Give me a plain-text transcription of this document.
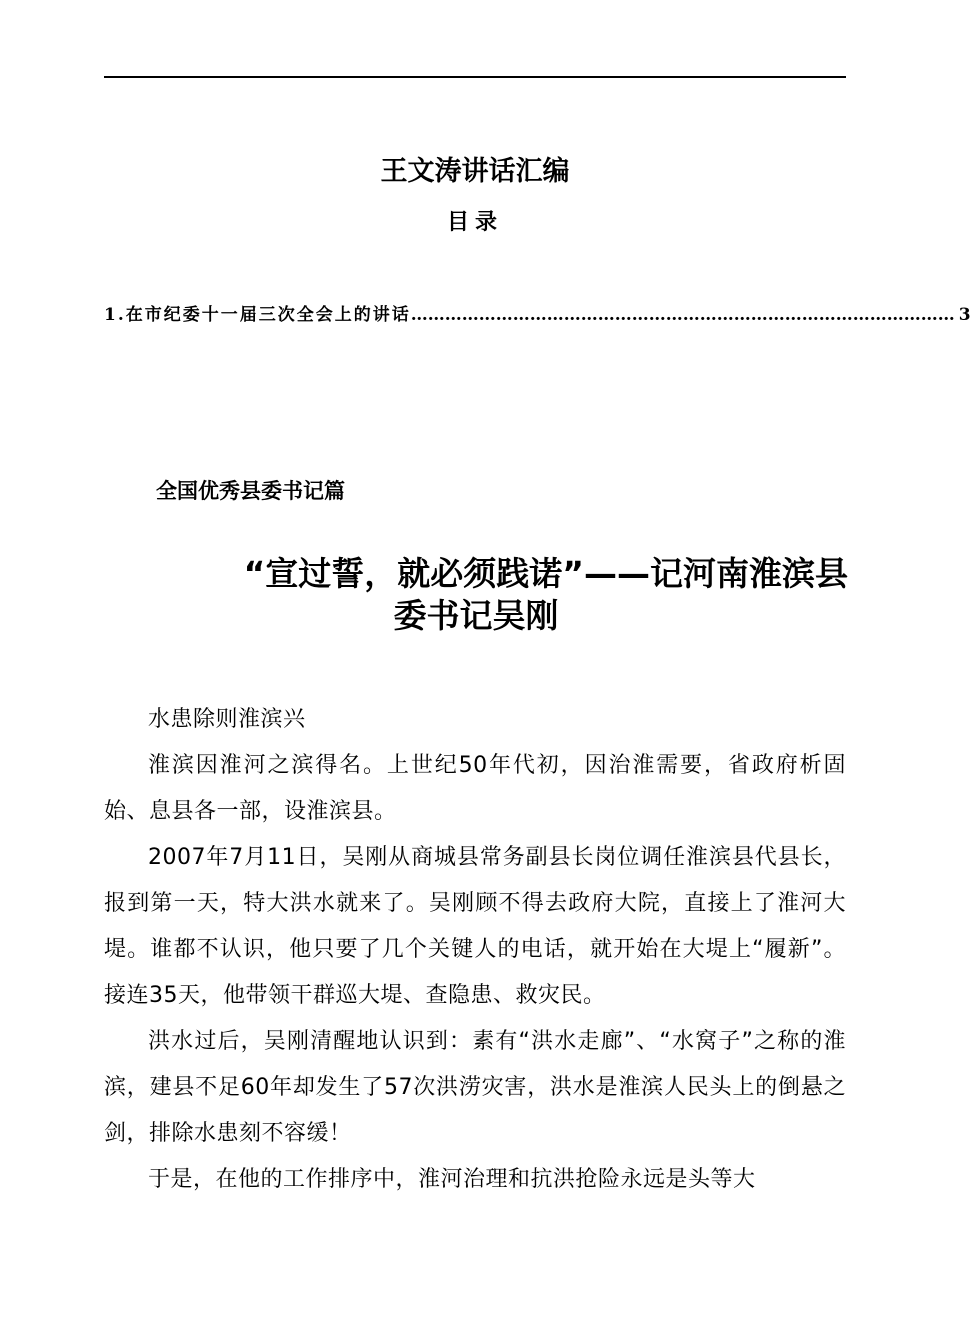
王文涛讲话汇编
目录
1.在市纪委十一届三次全会上的讲话 …………………………………………………………………………………… 3
全国优秀县委书记篇
“宣过誓，就必须践诺”——记河南淮滨县
委书记吴刚

水患除则淮滨兴

淮滨因淮河之滨得名。上世纪50年代初，因治淮需要，省政府析固始、息县各一部，设淮滨县。

2007年7月11日，吴刚从商城县常务副县长岗位调任淮滨县代县长，报到第一天，特大洪水就来了。吴刚顾不得去政府大院，直接上了淮河大堤。谁都不认识，他只要了几个关键人的电话，就开始在大堤上“履新”。接连35天，他带领干群巡大堤、查隐患、救灾民。

洪水过后，吴刚清醒地认识到：素有“洪水走廊”、“水窝子”之称的淮滨，建县不足60年却发生了57次洪涝灾害，洪水是淮滨人民头上的倒悬之剑，排除水患刻不容缓！

于是，在他的工作排序中，淮河治理和抗洪抢险永远是头等大
